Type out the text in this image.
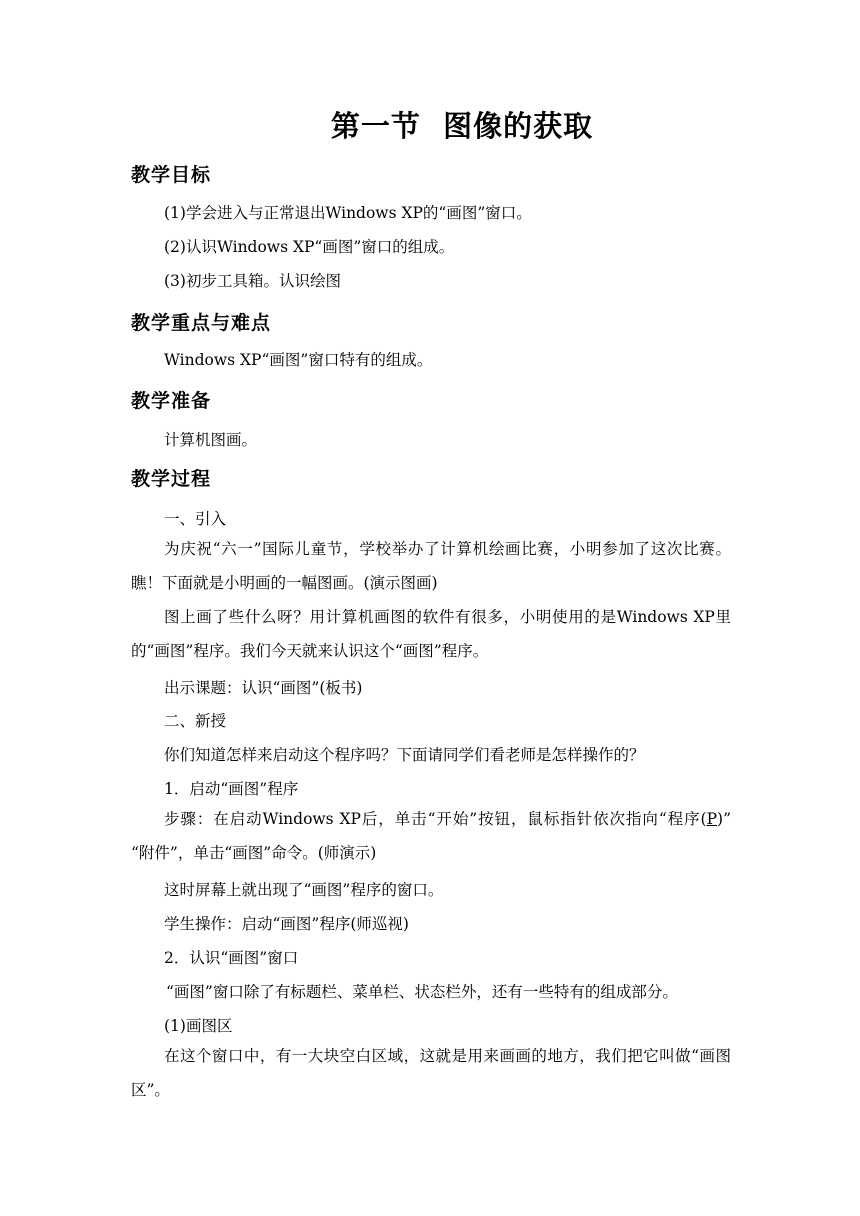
第一节  图像的获取
教学目标
(1)学会进入与正常退出Windows XP的“画图”窗口。
(2)认识Windows XP“画图”窗口的组成。
(3)初步工具箱。认识绘图
教学重点与难点
Windows XP“画图”窗口特有的组成。
教学准备
计算机图画。
教学过程
一、引入
为庆祝“六一”国际儿童节，学校举办了计算机绘画比赛，小明参加了这次比赛。瞧！下面就是小明画的一幅图画。(演示图画)
图上画了些什么呀？用计算机画图的软件有很多，小明使用的是Windows XP里的“画图”程序。我们今天就来认识这个“画图”程序。
出示课题：认识“画图”(板书)
二、新授
你们知道怎样来启动这个程序吗？下面请同学们看老师是怎样操作的？
1．启动“画图”程序
步骤：在启动Windows XP后，单击“开始”按钮，鼠标指针依次指向“程序(P)” “附件”，单击“画图”命令。(师演示)
这时屏幕上就出现了“画图”程序的窗口。
学生操作：启动“画图”程序(师巡视)
2．认识“画图”窗口
“画图”窗口除了有标题栏、菜单栏、状态栏外，还有一些特有的组成部分。
(1)画图区
在这个窗口中，有一大块空白区域，这就是用来画画的地方，我们把它叫做“画图区”。
